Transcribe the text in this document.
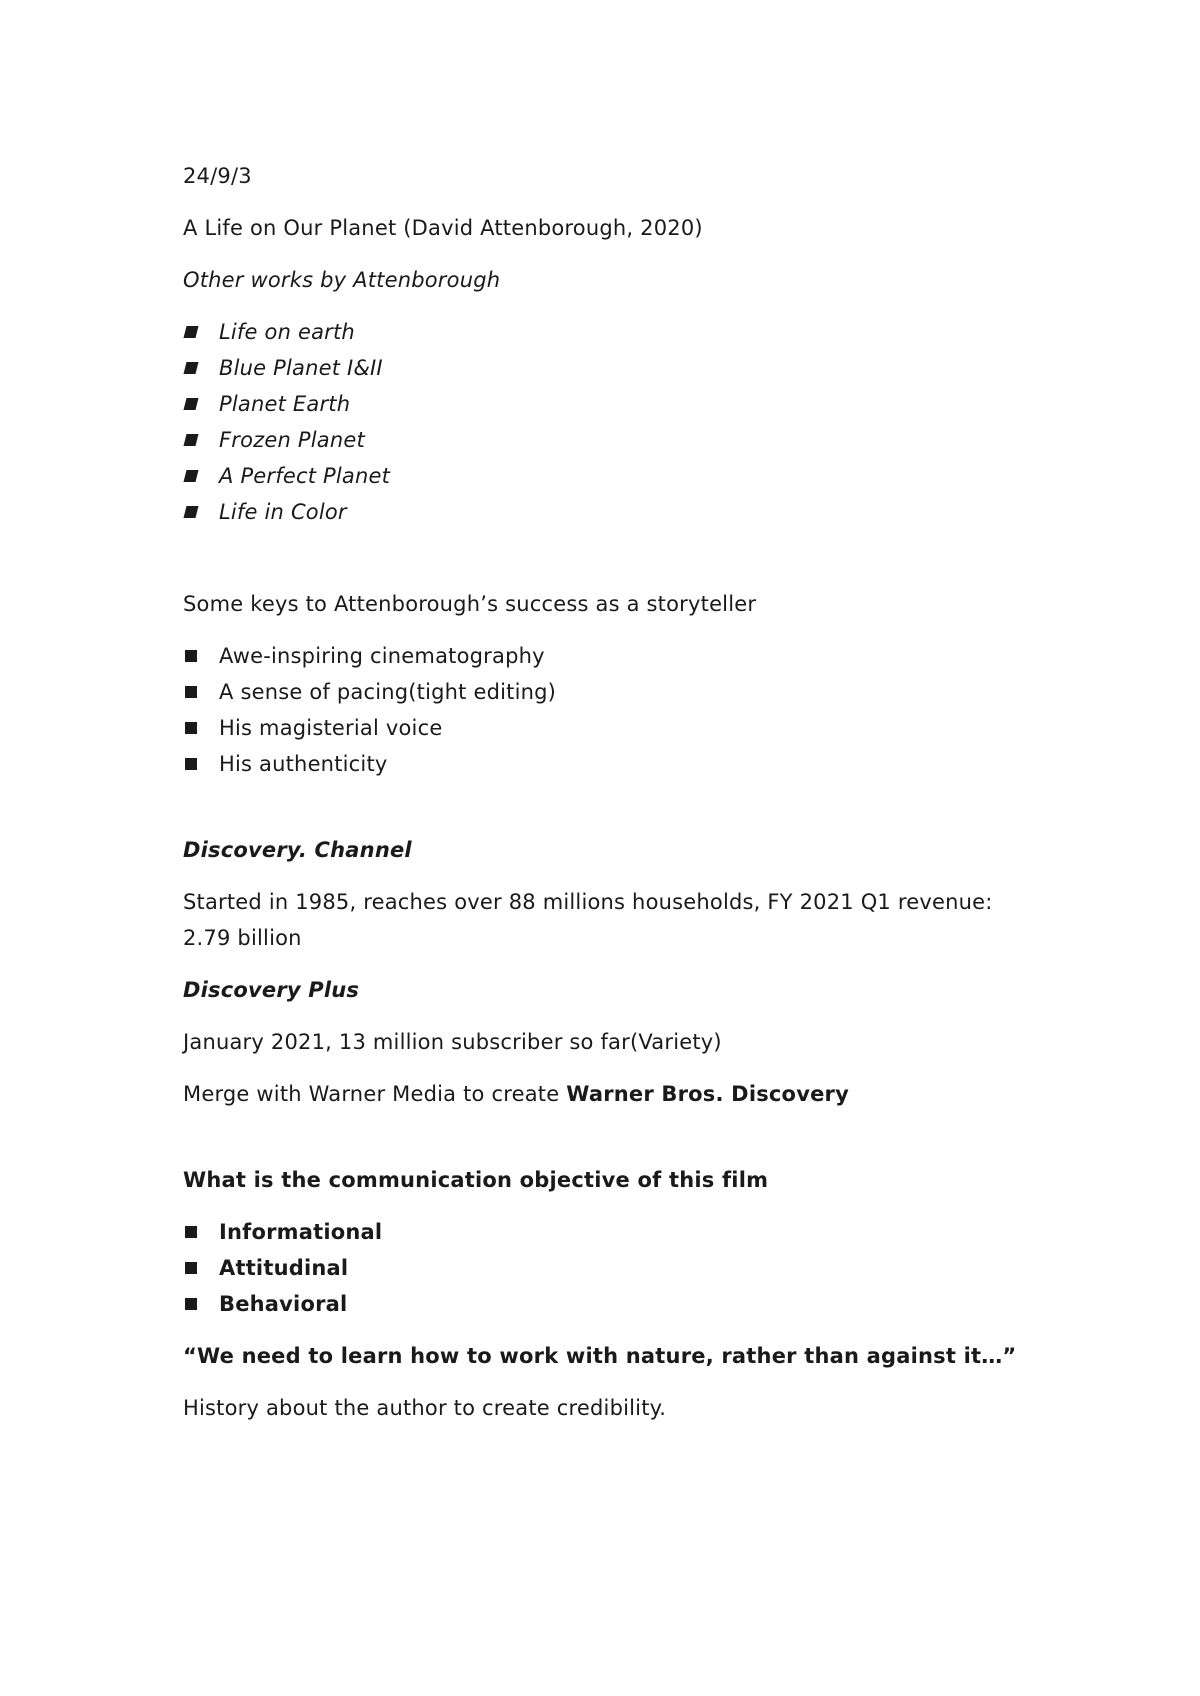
24/9/3

A Life on Our Planet (David Attenborough, 2020)

Other works by Attenborough

Life on earth
Blue Planet I&II
Planet Earth
Frozen Planet
A Perfect Planet
Life in Color

Some keys to Attenborough’s success as a storyteller

Awe-inspiring cinematography
A sense of pacing(tight editing)
His magisterial voice
His authenticity

Discovery. Channel

Started in 1985, reaches over 88 millions households, FY 2021 Q1 revenue: 2.79 billion

Discovery Plus

January 2021, 13 million subscriber so far(Variety)

Merge with Warner Media to create Warner Bros. Discovery

What is the communication objective of this film

Informational
Attitudinal
Behavioral

“We need to learn how to work with nature, rather than against it…”

History about the author to create credibility.
